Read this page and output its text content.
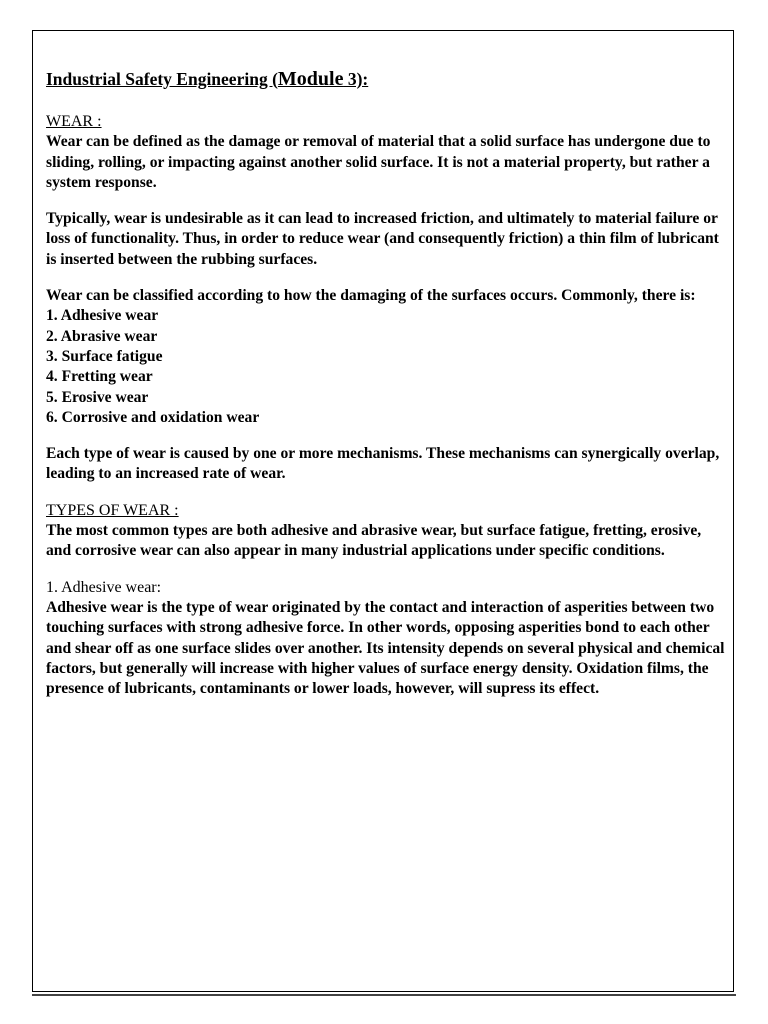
Industrial Safety Engineering (Module 3):
WEAR :

Wear can be defined as the damage or removal of material that a solid surface has undergone due to sliding, rolling, or impacting against another solid surface. It is not a material property, but rather a system response.

Typically, wear is undesirable as it can lead to increased friction, and ultimately to material failure or loss of functionality. Thus, in order to reduce wear (and consequently friction) a thin film of lubricant is inserted between the rubbing surfaces.

Wear can be classified according to how the damaging of the surfaces occurs. Commonly, there is:

1. Adhesive wear
2. Abrasive wear
3. Surface fatigue
4. Fretting wear
5. Erosive wear
6. Corrosive and oxidation wear

Each type of wear is caused by one or more mechanisms. These mechanisms can synergically overlap, leading to an increased rate of wear.

TYPES OF WEAR :

The most common types are both adhesive and abrasive wear, but surface fatigue, fretting, erosive, and corrosive wear can also appear in many industrial applications under specific conditions.

1. Adhesive wear:

Adhesive wear is the type of wear originated by the contact and interaction of asperities between two touching surfaces with strong adhesive force. In other words, opposing asperities bond to each other and shear off as one surface slides over another. Its intensity depends on several physical and chemical factors, but generally will increase with higher values of surface energy density. Oxidation films, the presence of lubricants, contaminants or lower loads, however, will supress its effect.
